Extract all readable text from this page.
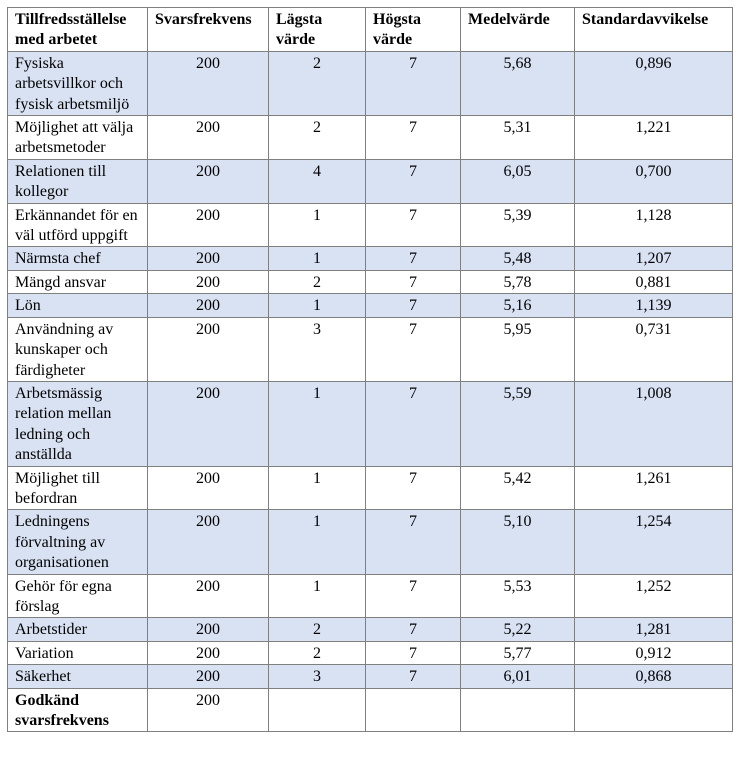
Tillfredsställelse med arbetet	Svarsfrekvens	Lägsta värde	Högsta värde	Medelvärde	Standardavvikelse
Fysiska arbetsvillkor och fysisk arbetsmiljö	200	2	7	5,68	0,896
Möjlighet att välja arbetsmetoder	200	2	7	5,31	1,221
Relationen till kollegor	200	4	7	6,05	0,700
Erkännandet för en väl utförd uppgift	200	1	7	5,39	1,128
Närmsta chef	200	1	7	5,48	1,207
Mängd ansvar	200	2	7	5,78	0,881
Lön	200	1	7	5,16	1,139
Användning av kunskaper och färdigheter	200	3	7	5,95	0,731
Arbetsmässig relation mellan ledning och anställda	200	1	7	5,59	1,008
Möjlighet till befordran	200	1	7	5,42	1,261
Ledningens förvaltning av organisationen	200	1	7	5,10	1,254
Gehör för egna förslag	200	1	7	5,53	1,252
Arbetstider	200	2	7	5,22	1,281
Variation	200	2	7	5,77	0,912
Säkerhet	200	3	7	6,01	0,868
Godkänd svarsfrekvens	200				
